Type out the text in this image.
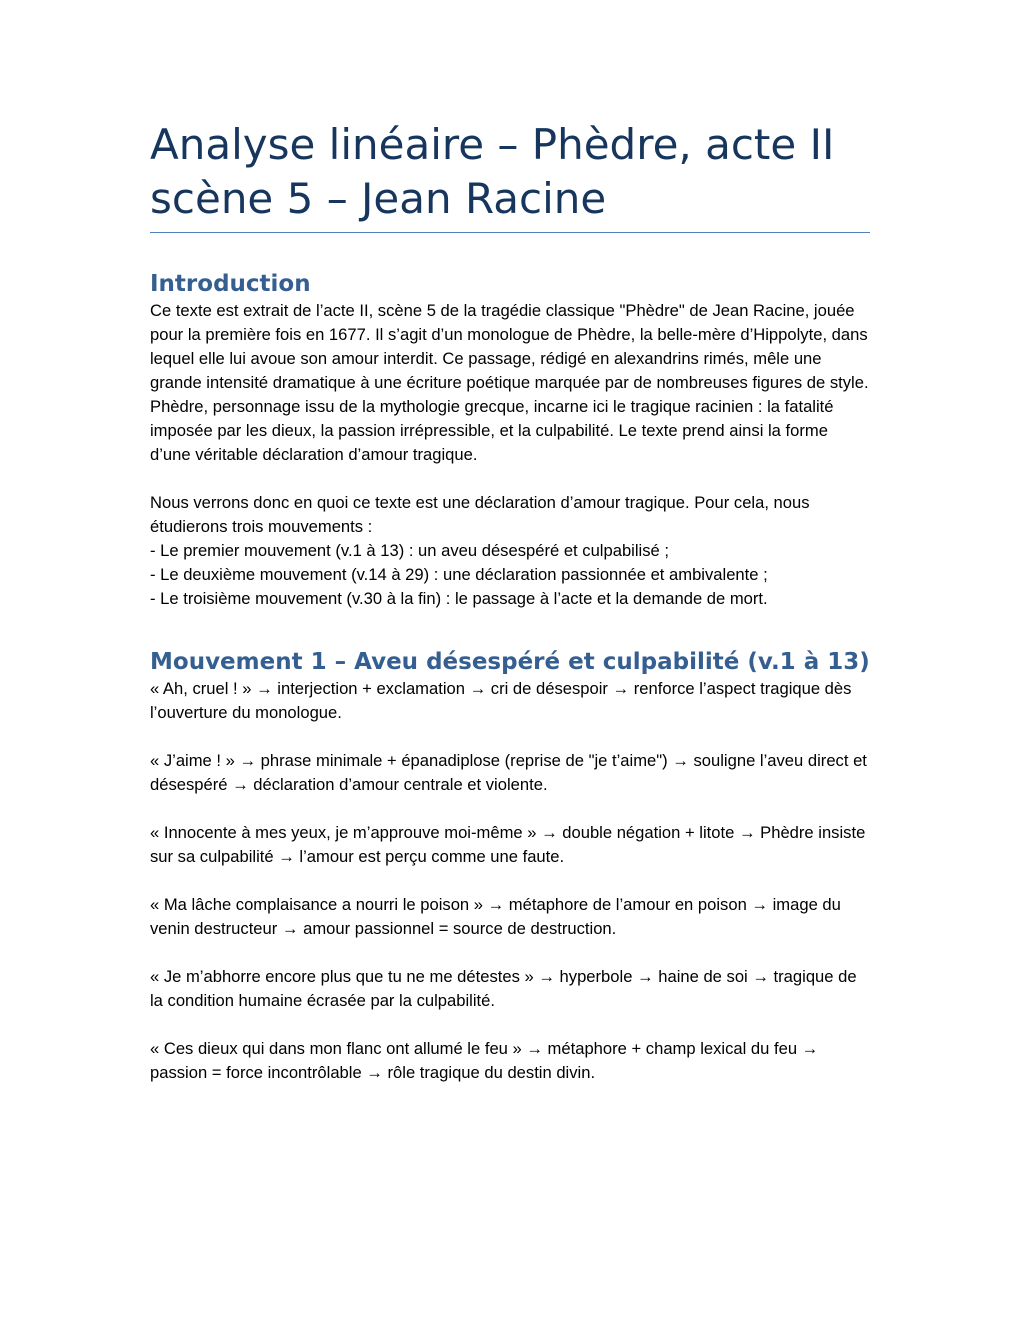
Analyse linéaire – Phèdre, acte II scène 5 – Jean Racine
Introduction

Ce texte est extrait de l’acte II, scène 5 de la tragédie classique "Phèdre" de Jean Racine, jouée pour la première fois en 1677. Il s’agit d’un monologue de Phèdre, la belle-mère d’Hippolyte, dans lequel elle lui avoue son amour interdit. Ce passage, rédigé en alexandrins rimés, mêle une grande intensité dramatique à une écriture poétique marquée par de nombreuses figures de style. Phèdre, personnage issu de la mythologie grecque, incarne ici le tragique racinien : la fatalité imposée par les dieux, la passion irrépressible, et la culpabilité. Le texte prend ainsi la forme d’une véritable déclaration d’amour tragique.

Nous verrons donc en quoi ce texte est une déclaration d’amour tragique. Pour cela, nous étudierons trois mouvements :
- Le premier mouvement (v.1 à 13) : un aveu désespéré et culpabilisé ;
- Le deuxième mouvement (v.14 à 29) : une déclaration passionnée et ambivalente ;
- Le troisième mouvement (v.30 à la fin) : le passage à l’acte et la demande de mort.

Mouvement 1 – Aveu désespéré et culpabilité (v.1 à 13)

« Ah, cruel ! » → interjection + exclamation → cri de désespoir → renforce l’aspect tragique dès l’ouverture du monologue.

« J’aime ! » → phrase minimale + épanadiplose (reprise de "je t’aime") → souligne l’aveu direct et désespéré → déclaration d’amour centrale et violente.

« Innocente à mes yeux, je m’approuve moi-même » → double négation + litote → Phèdre insiste sur sa culpabilité → l’amour est perçu comme une faute.

« Ma lâche complaisance a nourri le poison » → métaphore de l’amour en poison → image du venin destructeur → amour passionnel = source de destruction.

« Je m’abhorre encore plus que tu ne me détestes » → hyperbole → haine de soi → tragique de la condition humaine écrasée par la culpabilité.

« Ces dieux qui dans mon flanc ont allumé le feu » → métaphore + champ lexical du feu → passion = force incontrôlable → rôle tragique du destin divin.
